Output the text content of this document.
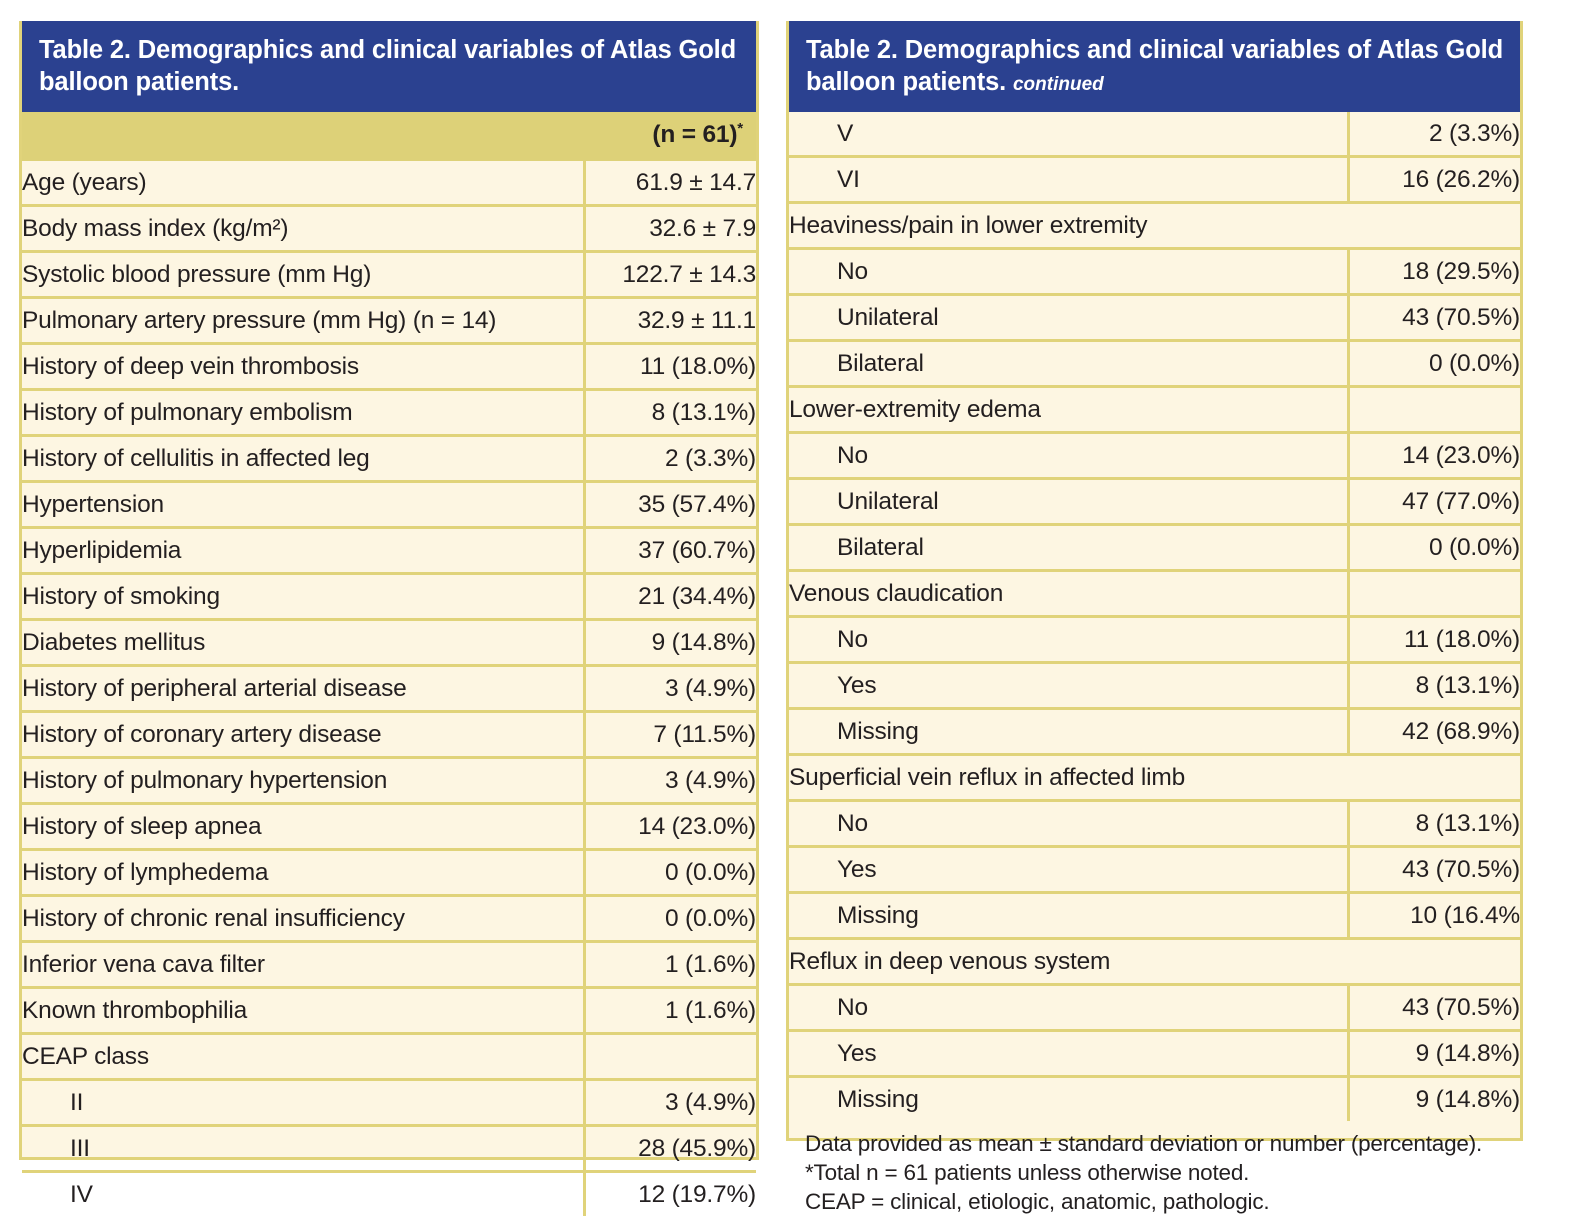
Table 2. Demographics and clinical variables of Atlas Gold balloon patients.
	(n = 61)*
Age (years)	61.9 ± 14.7
Body mass index (kg/m²)	32.6 ± 7.9
Systolic blood pressure (mm Hg)	122.7 ± 14.3
Pulmonary artery pressure (mm Hg) (n = 14)	32.9 ± 11.1
History of deep vein thrombosis	11 (18.0%)
History of pulmonary embolism	8 (13.1%)
History of cellulitis in affected leg	2 (3.3%)
Hypertension	35 (57.4%)
Hyperlipidemia	37 (60.7%)
History of smoking	21 (34.4%)
Diabetes mellitus	9 (14.8%)
History of peripheral arterial disease	3 (4.9%)
History of coronary artery disease	7 (11.5%)
History of pulmonary hypertension	3 (4.9%)
History of sleep apnea	14 (23.0%)
History of lymphedema	0 (0.0%)
History of chronic renal insufficiency	0 (0.0%)
Inferior vena cava filter	1 (1.6%)
Known thrombophilia	1 (1.6%)
CEAP class	
II	3 (4.9%)
III	28 (45.9%)
IV	12 (19.7%)
Table 2. Demographics and clinical variables of Atlas Gold balloon patients. continued
V	2 (3.3%)
VI	16 (26.2%)
Heaviness/pain in lower extremity	
No	18 (29.5%)
Unilateral	43 (70.5%)
Bilateral	0 (0.0%)
Lower-extremity edema	
No	14 (23.0%)
Unilateral	47 (77.0%)
Bilateral	0 (0.0%)
Venous claudication	
No	11 (18.0%)
Yes	8 (13.1%)
Missing	42 (68.9%)
Superficial vein reflux in affected limb	
No	8 (13.1%)
Yes	43 (70.5%)
Missing	10 (16.4%
Reflux in deep venous system	
No	43 (70.5%)
Yes	9 (14.8%)
Missing	9 (14.8%)
Data provided as mean ± standard deviation or number (percentage).
*Total n = 61 patients unless otherwise noted.
CEAP = clinical, etiologic, anatomic, pathologic.
